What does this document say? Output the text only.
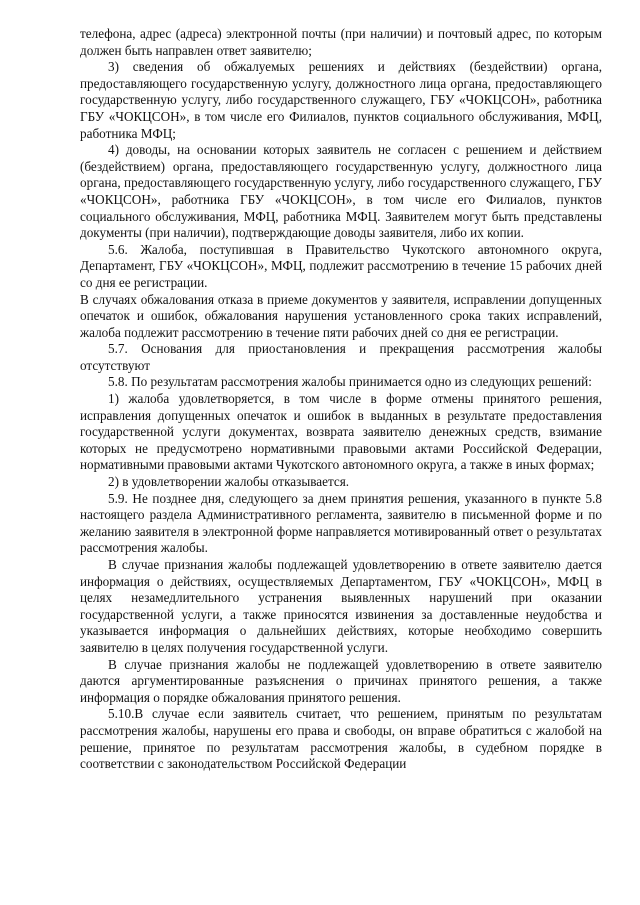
телефона, адрес (адреса) электронной почты (при наличии) и почтовый адрес, по которым должен быть направлен ответ заявителю;

3) сведения об обжалуемых решениях и действиях (бездействии) органа, предоставляющего государственную услугу, должностного лица органа, предоставляющего государственную услугу, либо государственного служащего, ГБУ «ЧОКЦСОН», работника ГБУ «ЧОКЦСОН», в том числе его Филиалов, пунктов социального обслуживания, МФЦ, работника МФЦ;

4) доводы, на основании которых заявитель не согласен с решением и действием (бездействием) органа, предоставляющего государственную услугу, должностного лица органа, предоставляющего государственную услугу, либо государственного служащего, ГБУ «ЧОКЦСОН», работника ГБУ «ЧОКЦСОН», в том числе его Филиалов, пунктов социального обслуживания, МФЦ, работника МФЦ. Заявителем могут быть представлены документы (при наличии), подтверждающие доводы заявителя, либо их копии.

5.6. Жалоба, поступившая в Правительство Чукотского автономного округа, Департамент, ГБУ «ЧОКЦСОН», МФЦ, подлежит рассмотрению в течение 15 рабочих дней со дня ее регистрации.

В случаях обжалования отказа в приеме документов у заявителя, исправлении допущенных опечаток и ошибок, обжалования нарушения установленного срока таких исправлений, жалоба подлежит рассмотрению в течение пяти рабочих дней со дня ее регистрации.

5.7. Основания для приостановления и прекращения рассмотрения жалобы отсутствуют

5.8. По результатам рассмотрения жалобы принимается одно из следующих решений:

1) жалоба удовлетворяется, в том числе в форме отмены принятого решения, исправления допущенных опечаток и ошибок в выданных в результате предоставления государственной услуги документах, возврата заявителю денежных средств, взимание которых не предусмотрено нормативными правовыми актами Российской Федерации, нормативными правовыми актами Чукотского автономного округа, а также в иных формах;

2) в удовлетворении жалобы отказывается.

5.9. Не позднее дня, следующего за днем принятия решения, указанного в пункте 5.8 настоящего раздела Административного регламента, заявителю в письменной форме и по желанию заявителя в электронной форме направляется мотивированный ответ о результатах рассмотрения жалобы.

В случае признания жалобы подлежащей удовлетворению в ответе заявителю дается информация о действиях, осуществляемых Департаментом, ГБУ «ЧОКЦСОН», МФЦ в целях незамедлительного устранения выявленных нарушений при оказании государственной услуги, а также приносятся извинения за доставленные неудобства и указывается информация о дальнейших действиях, которые необходимо совершить заявителю в целях получения государственной услуги.

В случае признания жалобы не подлежащей удовлетворению в ответе заявителю даются аргументированные разъяснения о причинах принятого решения, а также информация о порядке обжалования принятого решения.

5.10.В случае если заявитель считает, что решением, принятым по результатам рассмотрения жалобы, нарушены его права и свободы, он вправе обратиться с жалобой на решение, принятое по результатам рассмотрения жалобы, в судебном порядке в соответствии с законодательством Российской Федерации
